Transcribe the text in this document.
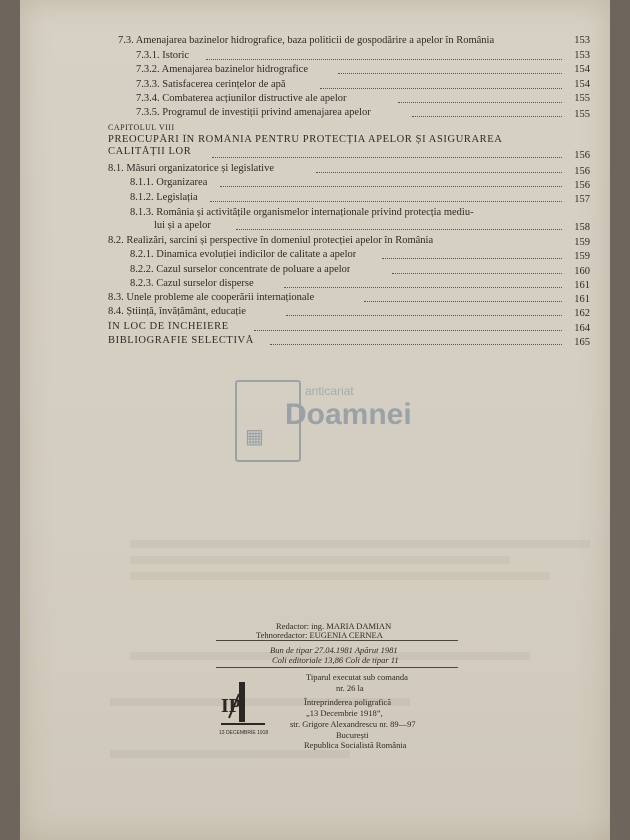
7.3. Amenajarea bazinelor hidrografice, baza politicii de gospodărire a apelor în România	153
7.3.1. Istoric	153
7.3.2. Amenajarea bazinelor hidrografice	154
7.3.3. Satisfacerea cerințelor de apă	154
7.3.4. Combaterea acțiunilor distructive ale apelor	155
7.3.5. Programul de investiții privind amenajarea apelor	155
CAPITOLUL VIII
PREOCUPĂRI ÎN ROMÂNIA PENTRU PROTECȚIA APELOR ȘI ASIGURAREA
CALITĂȚII LOR	156
8.1. Măsuri organizatorice și legislative	156
8.1.1. Organizarea	156
8.1.2. Legislația	157
8.1.3. România și activitățile organismelor internaționale privind protecția mediu-
lui și a apelor	158
8.2. Realizări, sarcini și perspective în domeniul protecției apelor în România	159
8.2.1. Dinamica evoluției indicilor de calitate a apelor	159
8.2.2. Cazul surselor concentrate de poluare a apelor	160
8.2.3. Cazul surselor disperse	161
8.3. Unele probleme ale cooperării internaționale	161
8.4. Știință, învățământ, educație	162
ÎN LOC DE ÎNCHEIERE	164
BIBLIOGRAFIE SELECTIVĂ	165
anticariat
Doamnei
▦
Redactor: ing. MARIA DAMIAN
Tehnoredactor: EUGENIA CERNEA
Bun de tipar 27.04.1981 Apărut 1981
Coli editoriale 13,86 Coli de tipar 11
Tiparul executat sub comanda
nr. 26 la
Întreprinderea poligrafică
„13 Decembrie 1918”,
str. Grigore Alexandrescu nr. 89—97
București
Republica Socialistă România
IP
13 DECEMBRIE 1918
